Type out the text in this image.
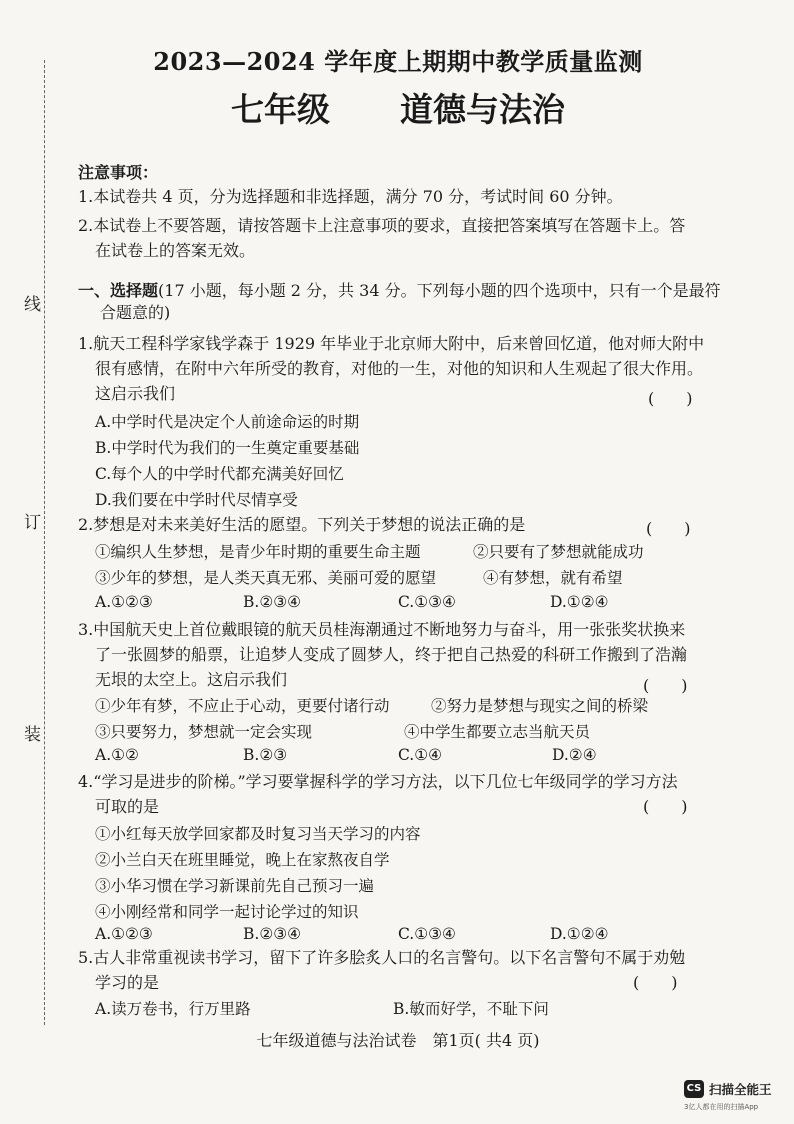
线
订
装
2023—2024 学年度上期期中教学质量监测
七年级 道德与法治
注意事项：
1.本试卷共 4 页，分为选择题和非选择题，满分 70 分，考试时间 60 分钟。
2.本试卷上不要答题，请按答题卡上注意事项的要求，直接把答案填写在答题卡上。答
在试卷上的答案无效。
一、选择题(17 小题，每小题 2 分，共 34 分。下列每小题的四个选项中，只有一个是最符
合题意的)
1.航天工程科学家钱学森于 1929 年毕业于北京师大附中，后来曾回忆道，他对师大附中
很有感情，在附中六年所受的教育，对他的一生，对他的知识和人生观起了很大作用。
这启示我们	(　　)
A.中学时代是决定个人前途命运的时期
B.中学时代为我们的一生奠定重要基础
C.每个人的中学时代都充满美好回忆
D.我们要在中学时代尽情享受
2.梦想是对未来美好生活的愿望。下列关于梦想的说法正确的是	(　　)
①编织人生梦想，是青少年时期的重要生命主题	②只要有了梦想就能成功
③少年的梦想，是人类天真无邪、美丽可爱的愿望	④有梦想，就有希望
A.①②③	B.②③④	C.①③④	D.①②④
3.中国航天史上首位戴眼镜的航天员桂海潮通过不断地努力与奋斗，用一张张奖状换来
了一张圆梦的船票，让追梦人变成了圆梦人，终于把自己热爱的科研工作搬到了浩瀚
无垠的太空上。这启示我们	(　　)
①少年有梦，不应止于心动，更要付诸行动	②努力是梦想与现实之间的桥梁
③只要努力，梦想就一定会实现	④中学生都要立志当航天员
A.①②	B.②③	C.①④	D.②④
4.“学习是进步的阶梯。”学习要掌握科学的学习方法，以下几位七年级同学的学习方法
可取的是	(　　)
①小红每天放学回家都及时复习当天学习的内容
②小兰白天在班里睡觉，晚上在家熬夜自学
③小华习惯在学习新课前先自己预习一遍
④小刚经常和同学一起讨论学过的知识
A.①②③	B.②③④	C.①③④	D.①②④
5.古人非常重视读书学习，留下了许多脍炙人口的名言警句。以下名言警句不属于劝勉
学习的是	(　　)
A.读万卷书，行万里路	B.敏而好学，不耻下问
七年级道德与法治试卷　第1页( 共4 页)
CS 扫描全能王
3亿人都在用的扫描App
